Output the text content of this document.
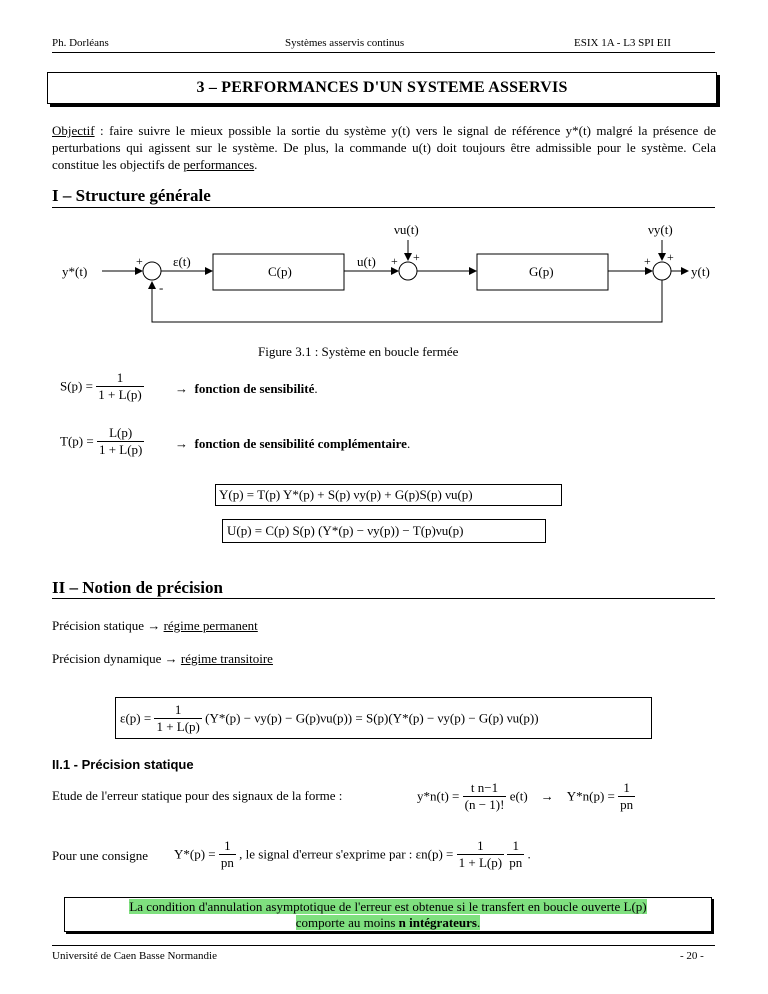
Ph. Dorléans	Systèmes asservis continus	ESIX 1A - L3 SPI EII
3 – PERFORMANCES D'UN SYSTEME ASSERVIS
Objectif : faire suivre le mieux possible la sortie du système y(t) vers le signal de référence y*(t) malgré la présence de perturbations qui agissent sur le système. De plus, la commande u(t) doit toujours être admissible pour le système. Cela constitue les objectifs de performances.
I – Structure générale
y*(t)
+
-
ε(t)
C(p)
u(t) + +
νu(t)
G(p)
+ +
νy(t)
y(t)
Figure 3.1 : Système en boucle fermée
$S(p) = \frac{1}{1 + L(p)}$ → fonction de sensibilité.
$T(p) = \frac{L(p)}{1 + L(p)}$ → fonction de sensibilité complémentaire.
Y(p) = T(p) Y*(p) + S(p) νy(p) + G(p)S(p) νu(p)
U(p) = C(p) S(p) (Y*(p) − νy(p)) − T(p)νu(p)
II – Notion de précision
Précision statique → régime permanent
Précision dynamique → régime transitoire
$\varepsilon(p) = \frac{1}{1 + L(p)} (Y*(p) - \nu y(p) - G(p)\nu u(p)) = S(p)(Y*(p) - \nu y(p) - G(p)$ νu(p))
II.1 - Précision statique
Etude de l'erreur statique pour des signaux de la forme :	$y*n(t) = \frac{\text{t n−1}}{(n - 1)!} e(t) \to Y*n(p) = \frac{1}{pn}$
Pour une consigne $Y*(p) = \frac{1}{pn}$ , le signal d'erreur s'exprime par : $\varepsilon n(p) = \frac{1}{1 + L(p)}$
$\frac{1}{pn}$ .
La condition d'annulation asymptotique de l'erreur est obtenue si le transfert en boucle ouverte L(p)
comporte au moins n intégrateurs.
Université de Caen Basse Normandie	- 20 -
